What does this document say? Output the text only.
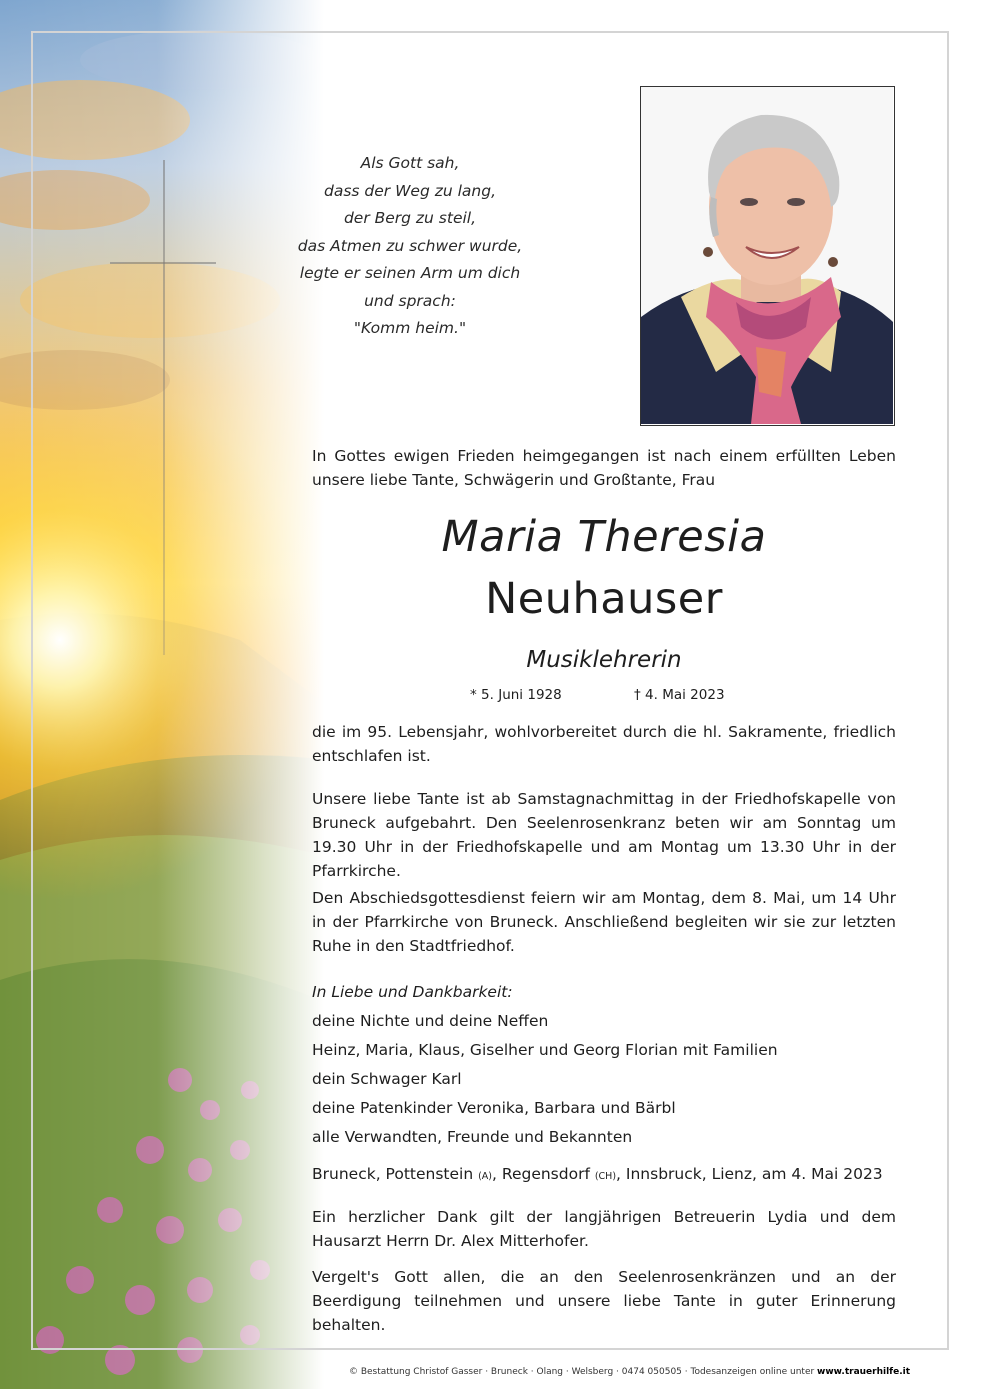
Als Gott sah,
dass der Weg zu lang,
der Berg zu steil,
das Atmen zu schwer wurde,
legte er seinen Arm um dich
und sprach:
"Komm heim."
In Gottes ewigen Frieden heimgegangen ist nach einem erfüllten Leben unsere liebe Tante, Schwägerin und Großtante, Frau
Maria Theresia
Neuhauser
Musiklehrerin
* 5. Juni 1928	† 4. Mai 2023
die im 95. Lebensjahr, wohlvorbereitet durch die hl. Sakramente, friedlich entschlafen ist.
Unsere liebe Tante ist ab Samstagnachmittag in der Friedhofskapelle von Bruneck aufgebahrt. Den Seelenrosenkranz beten wir am Sonntag um 19.30 Uhr in der Friedhofskapelle und am Montag um 13.30 Uhr in der Pfarrkirche.
Den Abschiedsgottesdienst feiern wir am Montag, dem 8. Mai, um 14 Uhr in der Pfarrkirche von Bruneck. Anschließend begleiten wir sie zur letzten Ruhe in den Stadtfriedhof.
In Liebe und Dankbarkeit:
deine Nichte und deine Neffen
Heinz, Maria, Klaus, Giselher und Georg Florian mit Familien
dein Schwager Karl
deine Patenkinder Veronika, Barbara und Bärbl
alle Verwandten, Freunde und Bekannten
Bruneck, Pottenstein (A), Regensdorf (CH), Innsbruck, Lienz, am 4. Mai 2023
Ein herzlicher Dank gilt der langjährigen Betreuerin Lydia und dem Hausarzt Herrn Dr. Alex Mitterhofer.
Vergelt's Gott allen, die an den Seelenrosenkränzen und an der Beerdigung teilnehmen und unsere liebe Tante in guter Erinnerung behalten.
© Bestattung Christof Gasser · Bruneck · Olang · Welsberg · 0474 050505 · Todesanzeigen online unter www.trauerhilfe.it
